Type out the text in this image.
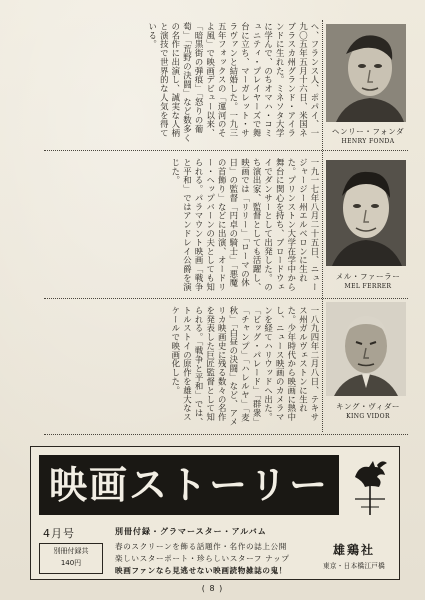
へ、フランス人、ポパイ、一九〇五年五月十六日、米国ネブラスカ州グランド・アイランドに生れた。ミネソタ大学に学んで、のちオマハ・コミュニティ・プレイヤーズで舞台に立ち、マーガレット・サラヴァンと結婚した。一九三五年フォックスの「運河のそよ風」で映画デビュー以来、「暗黒街の弾痕」「怒りの葡萄」「荒野の決闘」など数多くの名作に出演し、誠実な人柄と演技で世界的な人気を得ている。
一九一七年八月二十五日、ニュージャージー州エルベロンに生れた。プリンストン大学在学中から舞台に関心を持ち、ブロードウェイでダンサーとして出発した。のち演出家、監督としても活躍し、映画では「リリー」「ローマの休日」の監督「円卓の騎士」「悪魔の首飾り」などに出演、オードリー・ヘップバーンの夫としても知られる。パラマウント映画「戦争と平和」ではアンドレイ公爵を演じた。
一八九四年二月八日、テキサス州ガルヴェストンに生れた。少年時代から映画に熱中し、ニュース映画のカメラマンを経てハリウッドへ出た。「ビッグ・パレード」「群衆」「チャンプ」「ハレルヤ」「麦秋」「白昼の決闘」など、アメリカ映画史に残る数々の名作を発表した巨匠監督として知られる。「戦争と平和」では、トルストイの原作を雄大なスケールで映画化した。
ヘンリー・フォンダ
HENRY FONDA
メル・ファーラー
MEL FERRER
キング・ヴィダー
KING VIDOR
映画ストーリー
4月号	別冊付録・グラマースター・アルバム
春のスクリーンを飾る話題作・名作の誌上公開
楽しいスターポート・珍らしいスターフ ナップ
映画ファンなら見逃せない映画読物雑誌の鬼！
別冊付録共
140円
雄鶏社
東京・日本橋江戸橋
( 8 )
